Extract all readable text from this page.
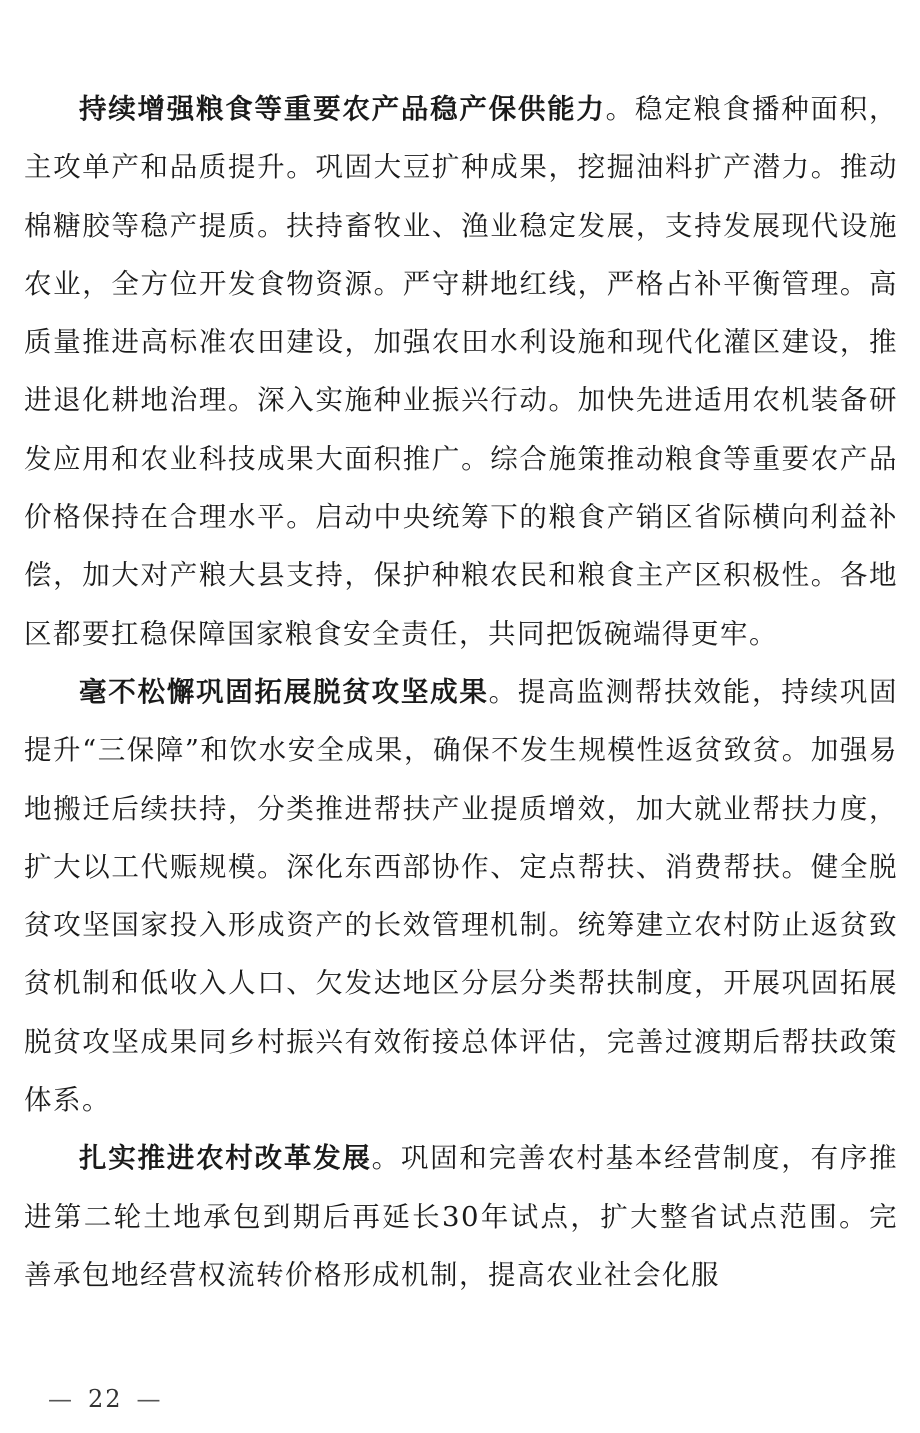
持续增强粮食等重要农产品稳产保供能力。稳定粮食播种面积，主攻单产和品质提升。巩固大豆扩种成果，挖掘油料扩产潜力。推动棉糖胶等稳产提质。扶持畜牧业、渔业稳定发展，支持发展现代设施农业，全方位开发食物资源。严守耕地红线，严格占补平衡管理。高质量推进高标准农田建设，加强农田水利设施和现代化灌区建设，推进退化耕地治理。深入实施种业振兴行动。加快先进适用农机装备研发应用和农业科技成果大面积推广。综合施策推动粮食等重要农产品价格保持在合理水平。启动中央统筹下的粮食产销区省际横向利益补偿，加大对产粮大县支持，保护种粮农民和粮食主产区积极性。各地区都要扛稳保障国家粮食安全责任，共同把饭碗端得更牢。

毫不松懈巩固拓展脱贫攻坚成果。提高监测帮扶效能，持续巩固提升“三保障”和饮水安全成果，确保不发生规模性返贫致贫。加强易地搬迁后续扶持，分类推进帮扶产业提质增效，加大就业帮扶力度，扩大以工代赈规模。深化东西部协作、定点帮扶、消费帮扶。健全脱贫攻坚国家投入形成资产的长效管理机制。统筹建立农村防止返贫致贫机制和低收入人口、欠发达地区分层分类帮扶制度，开展巩固拓展脱贫攻坚成果同乡村振兴有效衔接总体评估，完善过渡期后帮扶政策体系。

扎实推进农村改革发展。巩固和完善农村基本经营制度，有序推进第二轮土地承包到期后再延长30年试点，扩大整省试点范围。完善承包地经营权流转价格形成机制，提高农业社会化服

— 22 —
